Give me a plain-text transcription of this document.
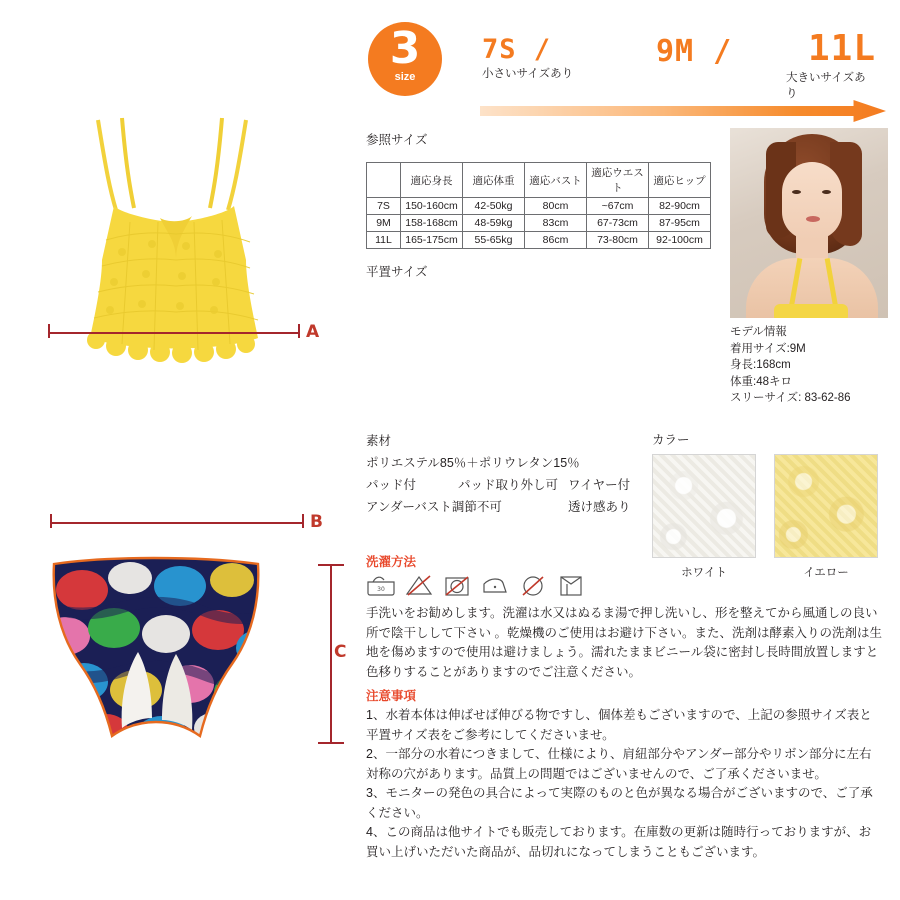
3
size
7S /
小さいサイズあり
9M / 11L
大きいサイズあり
参照サイズ
	適応身長	適応体重	適応バスト	適応ウエスト	適応ヒップ
7S	150-160cm	42-50kg	80cm	~67cm	82-90cm
9M	158-168cm	48-59kg	83cm	67-73cm	87-95cm
11L	165-175cm	55-65kg	86cm	73-80cm	92-100cm
平置サイズ
モデル情報
着用サイズ:9M
身長:168cm
体重:48キロ
スリーサイズ: 83-62-86
素材
ポリエステル85％＋ポリウレタン15％
パッド付	パッド取り外し可 ワイヤー付
アンダーバスト調節不可	透け感あり
カラー
ホワイト	イエロー
洗濯方法
30
手洗いをお勧めします。洗濯は水又はぬるま湯で押し洗いし、形を整えてから風通しの良い所で陰干しして下さい 。乾燥機のご使用はお避け下さい。また、洗剤は酵素入りの洗剤は生地を傷めますので使用は避けましょう。濡れたままビニール袋に密封し長時間放置しますと色移りすることがありますのでご注意ください。
注意事項
1、水着本体は伸ばせば伸びる物ですし、個体差もございますので、上記の参照サイズ表と平置サイズ表をご参考にしてくださいませ。
2、一部分の水着につきまして、仕様により、肩紐部分やアンダー部分やリボン部分に左右対称の穴があります。品質上の問題ではございませんので、ご了承くださいませ。
3、モニターの発色の具合によって実際のものと色が異なる場合がございますので、ご了承ください。
4、この商品は他サイトでも販売しております。在庫数の更新は随時行っておりますが、お買い上げいただいた商品が、品切れになってしまうこともございます。
A
B
C
